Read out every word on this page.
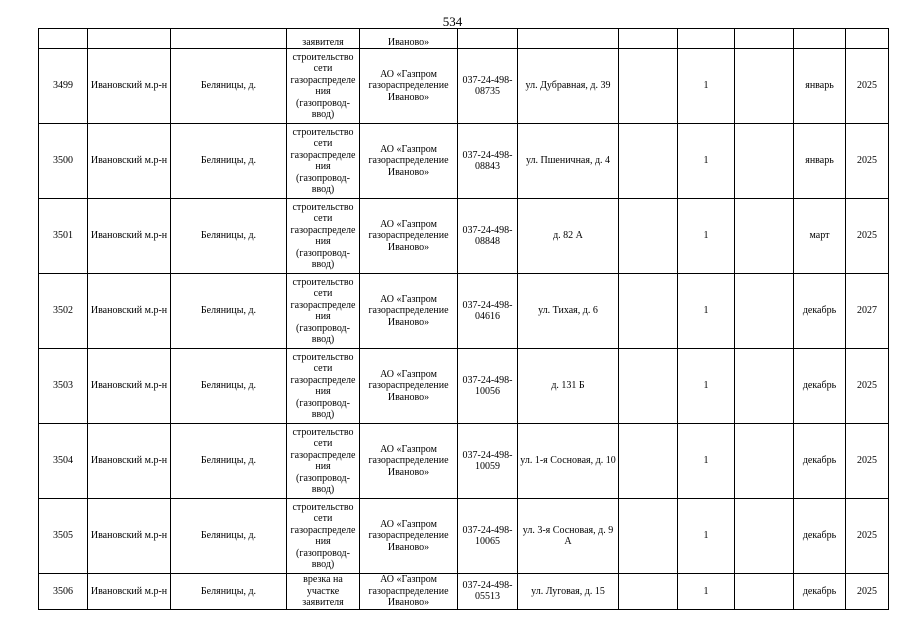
534
			заявителя	Иваново»							
3499	Ивановский м.р-н	Беляницы, д.	строительство сети газораспределения (газопровод-ввод)	АО «Газпром газораспределение Иваново»	037-24-498-08735	ул. Дубравная, д. 39		1		январь	2025
3500	Ивановский м.р-н	Беляницы, д.	строительство сети газораспределения (газопровод-ввод)	АО «Газпром газораспределение Иваново»	037-24-498-08843	ул. Пшеничная, д. 4		1		январь	2025
3501	Ивановский м.р-н	Беляницы, д.	строительство сети газораспределения (газопровод-ввод)	АО «Газпром газораспределение Иваново»	037-24-498-08848	д. 82 А		1		март	2025
3502	Ивановский м.р-н	Беляницы, д.	строительство сети газораспределения (газопровод-ввод)	АО «Газпром газораспределение Иваново»	037-24-498-04616	ул. Тихая, д. 6		1		декабрь	2027
3503	Ивановский м.р-н	Беляницы, д.	строительство сети газораспределения (газопровод-ввод)	АО «Газпром газораспределение Иваново»	037-24-498-10056	д. 131 Б		1		декабрь	2025
3504	Ивановский м.р-н	Беляницы, д.	строительство сети газораспределения (газопровод-ввод)	АО «Газпром газораспределение Иваново»	037-24-498-10059	ул. 1-я Сосновая, д. 10		1		декабрь	2025
3505	Ивановский м.р-н	Беляницы, д.	строительство сети газораспределения (газопровод-ввод)	АО «Газпром газораспределение Иваново»	037-24-498-10065	ул. 3-я Сосновая, д. 9 А		1		декабрь	2025
3506	Ивановский м.р-н	Беляницы, д.	врезка на участке заявителя	АО «Газпром газораспределение Иваново»	037-24-498-05513	ул. Луговая, д. 15		1		декабрь	2025
